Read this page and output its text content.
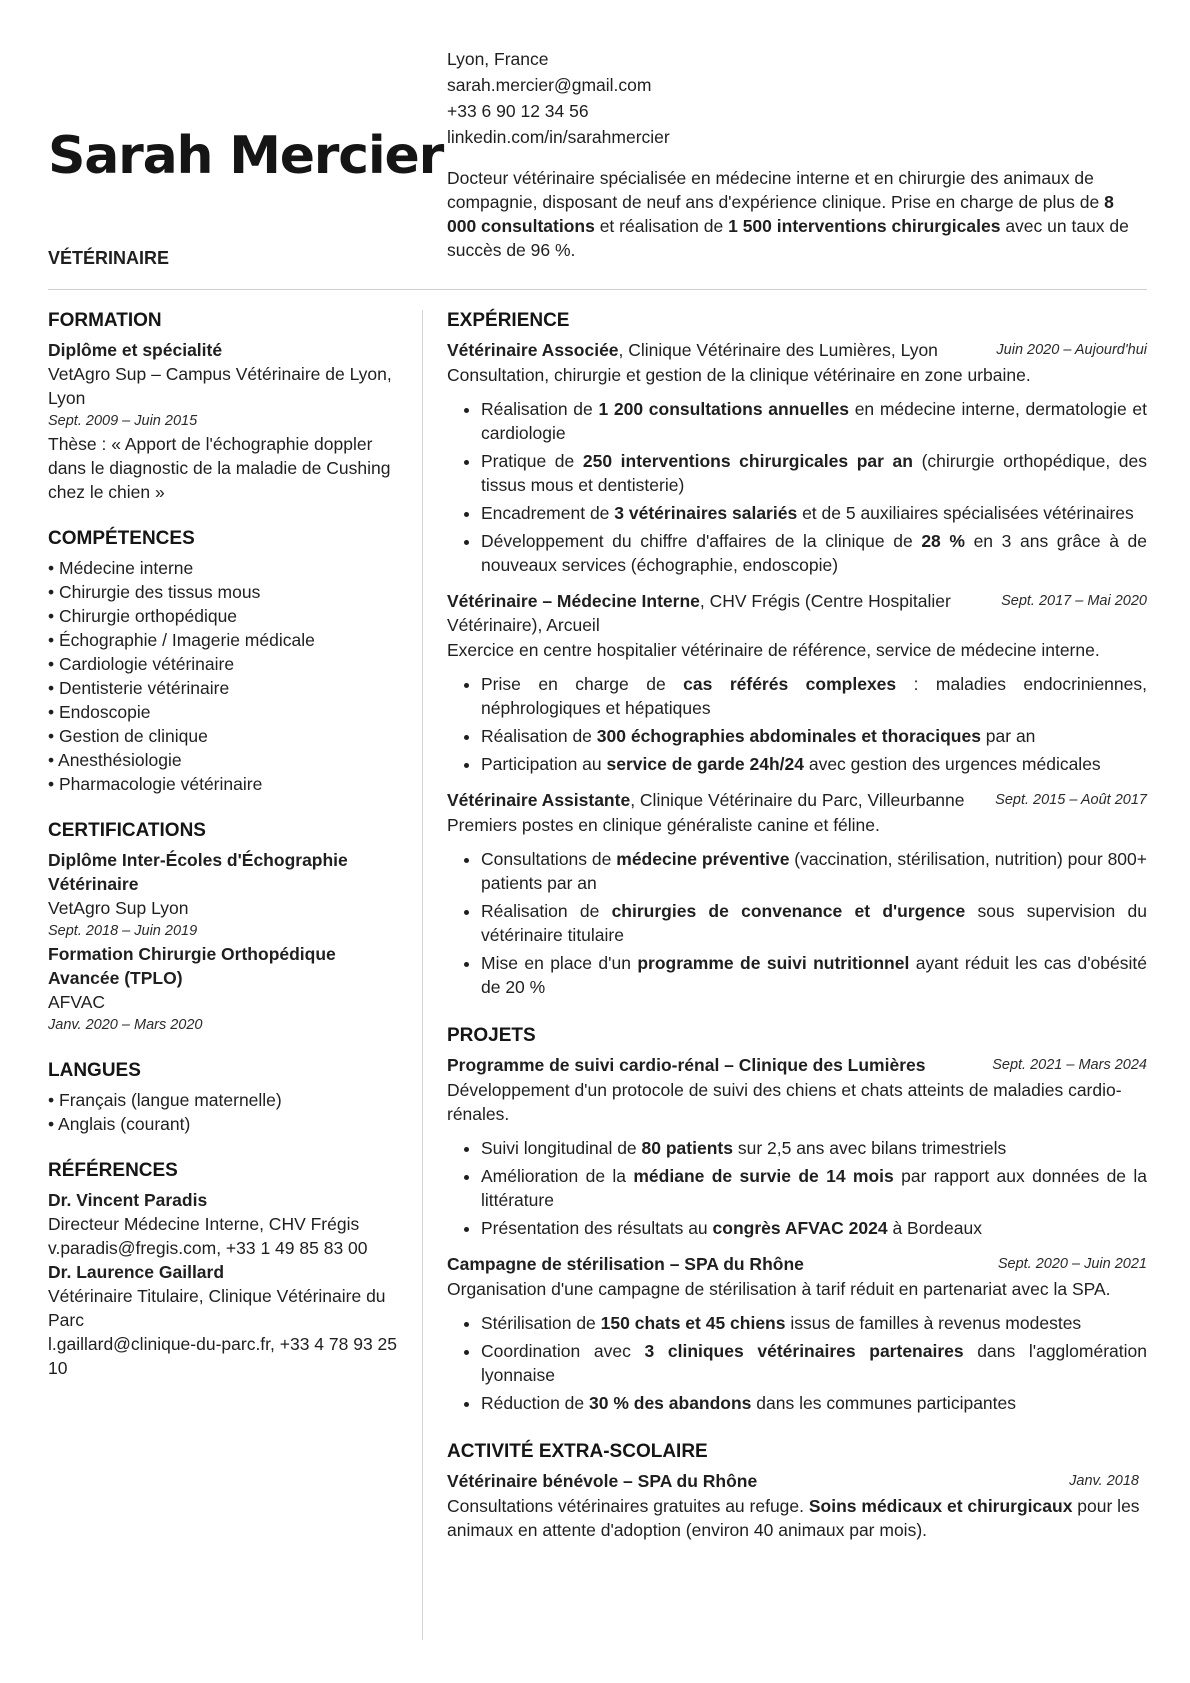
Sarah Mercier
VÉTÉRINAIRE
Lyon, France
sarah.mercier@gmail.com
+33 6 90 12 34 56
linkedin.com/in/sarahmercier
Docteur vétérinaire spécialisée en médecine interne et en chirurgie des animaux de compagnie, disposant de neuf ans d'expérience clinique. Prise en charge de plus de 8 000 consultations et réalisation de 1 500 interventions chirurgicales avec un taux de succès de 96 %.
FORMATION
Diplôme et spécialité
VetAgro Sup – Campus Vétérinaire de Lyon, Lyon
Sept. 2009 – Juin 2015
Thèse : « Apport de l'échographie doppler dans le diagnostic de la maladie de Cushing chez le chien »
COMPÉTENCES
• Médecine interne
• Chirurgie des tissus mous
• Chirurgie orthopédique
• Échographie / Imagerie médicale
• Cardiologie vétérinaire
• Dentisterie vétérinaire
• Endoscopie
• Gestion de clinique
• Anesthésiologie
• Pharmacologie vétérinaire
CERTIFICATIONS
Diplôme Inter-Écoles d'Échographie Vétérinaire
VetAgro Sup Lyon
Sept. 2018 – Juin 2019
Formation Chirurgie Orthopédique Avancée (TPLO)
AFVAC
Janv. 2020 – Mars 2020
LANGUES
• Français (langue maternelle)
• Anglais (courant)
RÉFÉRENCES
Dr. Vincent Paradis
Directeur Médecine Interne, CHV Frégis
v.paradis@fregis.com, +33 1 49 85 83 00
Dr. Laurence Gaillard
Vétérinaire Titulaire, Clinique Vétérinaire du Parc
l.gaillard@clinique-du-parc.fr, +33 4 78 93 25 10
EXPÉRIENCE
Vétérinaire Associée, Clinique Vétérinaire des Lumières, Lyon	Juin 2020 – Aujourd'hui
Consultation, chirurgie et gestion de la clinique vétérinaire en zone urbaine.
• Réalisation de 1 200 consultations annuelles en médecine interne, dermatologie et cardiologie
• Pratique de 250 interventions chirurgicales par an (chirurgie orthopédique, des tissus mous et dentisterie)
• Encadrement de 3 vétérinaires salariés et de 5 auxiliaires spécialisées vétérinaires
• Développement du chiffre d'affaires de la clinique de 28 % en 3 ans grâce à de nouveaux services (échographie, endoscopie)
Vétérinaire – Médecine Interne, CHV Frégis (Centre Hospitalier Vétérinaire), Arcueil
Sept. 2017 – Mai 2020
Exercice en centre hospitalier vétérinaire de référence, service de médecine interne.
• Prise en charge de cas référés complexes : maladies endocriniennes, néphrologiques et hépatiques
• Réalisation de 300 échographies abdominales et thoraciques par an
• Participation au service de garde 24h/24 avec gestion des urgences médicales
Vétérinaire Assistante, Clinique Vétérinaire du Parc, Villeurbanne	Sept. 2015 – Août 2017
Premiers postes en clinique généraliste canine et féline.
• Consultations de médecine préventive (vaccination, stérilisation, nutrition) pour 800+ patients par an
• Réalisation de chirurgies de convenance et d'urgence sous supervision du vétérinaire titulaire
• Mise en place d'un programme de suivi nutritionnel ayant réduit les cas d'obésité de 20 %
PROJETS
Programme de suivi cardio-rénal – Clinique des Lumières	Sept. 2021 – Mars 2024
Développement d'un protocole de suivi des chiens et chats atteints de maladies cardio-rénales.
• Suivi longitudinal de 80 patients sur 2,5 ans avec bilans trimestriels
• Amélioration de la médiane de survie de 14 mois par rapport aux données de la littérature
• Présentation des résultats au congrès AFVAC 2024 à Bordeaux
Campagne de stérilisation – SPA du Rhône	Sept. 2020 – Juin 2021
Organisation d'une campagne de stérilisation à tarif réduit en partenariat avec la SPA.
• Stérilisation de 150 chats et 45 chiens issus de familles à revenus modestes
• Coordination avec 3 cliniques vétérinaires partenaires dans l'agglomération lyonnaise
• Réduction de 30 % des abandons dans les communes participantes
ACTIVITÉ EXTRA-SCOLAIRE
Vétérinaire bénévole – SPA du Rhône	Janv. 2018
Consultations vétérinaires gratuites au refuge. Soins médicaux et chirurgicaux pour les animaux en attente d'adoption (environ 40 animaux par mois).
